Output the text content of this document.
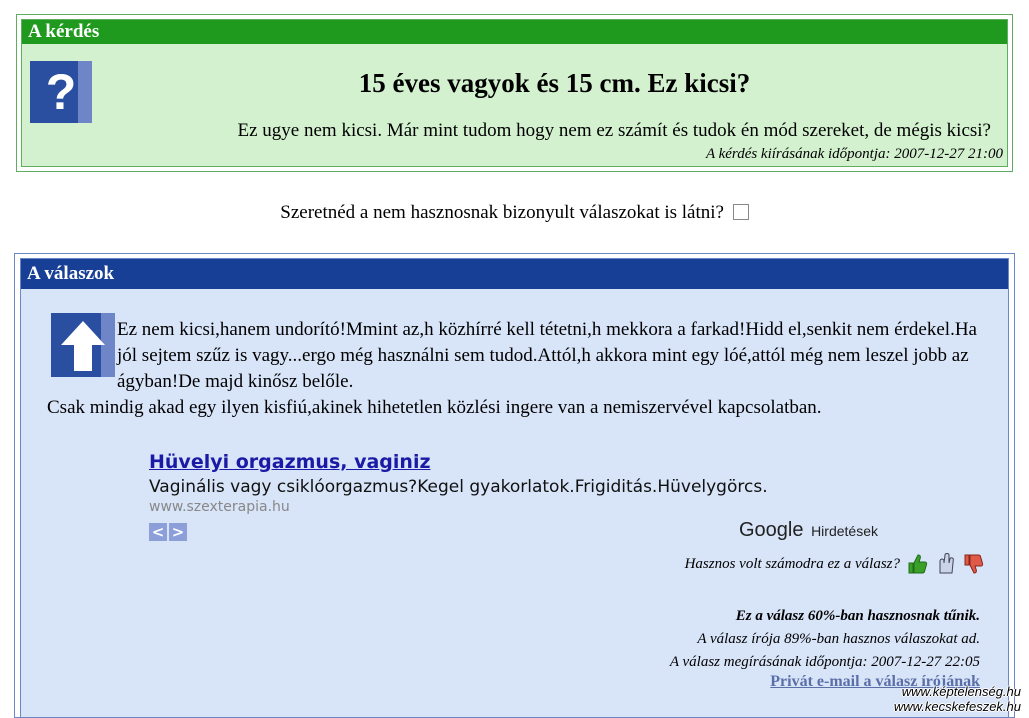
A kérdés
?	15 éves vagyok és 15 cm. Ez kicsi?
Ez ugye nem kicsi. Már mint tudom hogy nem ez számít és tudok én mód szereket, de mégis kicsi?
A kérdés kiírásának időpontja: 2007-12-27 21:00
Szeretnéd a nem hasznosnak bizonyult válaszokat is látni?
A válaszok
Ez nem kicsi,hanem undorító!Mmint az,h közhírré kell tétetni,h mekkora a farkad!Hidd el,senkit nem érdekel.Ha jól sejtem szűz is vagy...ergo még használni sem tudod.Attól,h akkora mint egy lóé,attól még nem leszel jobb az ágyban!De majd kinősz belőle.
Csak mindig akad egy ilyen kisfiú,akinek hihetetlen közlési ingere van a nemiszervével kapcsolatban.
Hüvelyi orgazmus, vaginiz
Vaginális vagy csiklóorgazmus?Kegel gyakorlatok.Frigiditás.Hüvelygörcs.
www.szexterapia.hu
< >	Google Hirdetések
Hasznos volt számodra ez a válasz?
Ez a válasz 60%-ban hasznosnak tűnik.
A válasz írója 89%-ban hasznos válaszokat ad.
A válasz megírásának időpontja: 2007-12-27 22:05
Privát e-mail a válasz írójának
www.képtelenség.hu
www.kecskefeszek.hu
